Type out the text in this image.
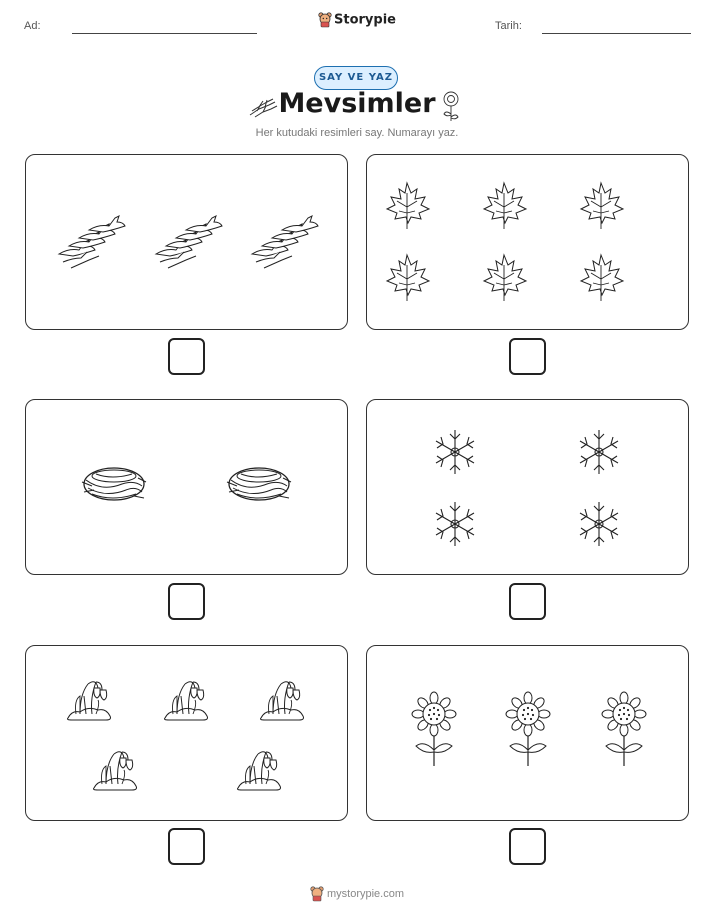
Ad:	Storypie	Tarih:
SAY VE YAZ
Mevsimler
Her kutudaki resimleri say. Numarayı yaz.
mystorypie.com
